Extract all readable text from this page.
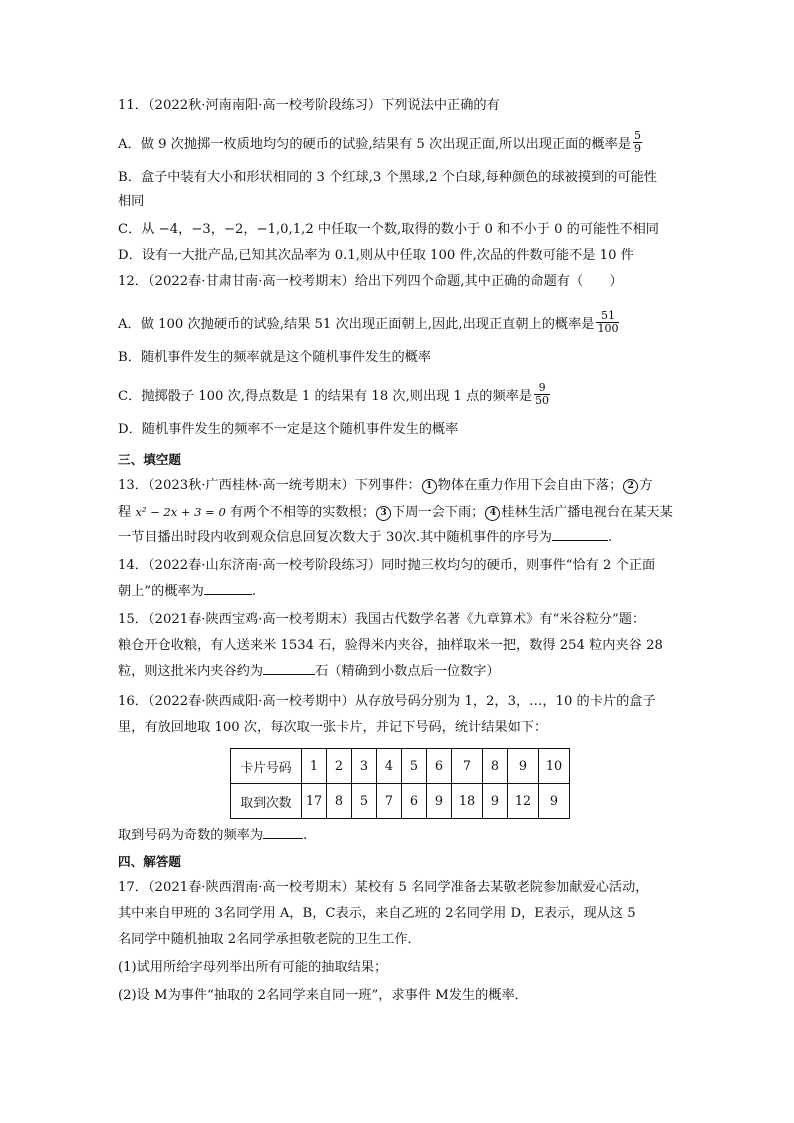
11．（2022秋·河南南阳·高一校考阶段练习）下列说法中正确的有
A．做 9 次抛掷一枚质地均匀的硬币的试验,结果有 5 次出现正面,所以出现正面的概率是 $\frac{5}{9}$
B．盒子中装有大小和形状相同的 3 个红球,3 个黑球,2 个白球,每种颜色的球被摸到的可能性
相同
C．从 −4，−3，−2，−1,0,1,2 中任取一个数,取得的数小于 0 和不小于 0 的可能性不相同
D．设有一大批产品,已知其次品率为 0.1,则从中任取 100 件,次品的件数可能不是 10 件
12．（2022春·甘肃甘南·高一校考期末）给出下列四个命题,其中正确的命题有（　　）
A．做 100 次抛硬币的试验,结果 51 次出现正面朝上,因此,出现正直朝上的概率是 $\frac{51}{100}$
B．随机事件发生的频率就是这个随机事件发生的概率
C．抛掷骰子 100 次,得点数是 1 的结果有 18 次,则出现 1 点的频率是 $\frac{9}{50}$
D．随机事件发生的频率不一定是这个随机事件发生的概率
三、填空题
13．（2023秋·广西桂林·高一统考期末）下列事件： 1 物体在重力作用下会自由下落； 2 方
程 x² − 2x + 3 = 0 有两个不相等的实数根； 3 下周一会下雨； 4 桂林生活广播电视台在某天某
一节目播出时段内收到观众信息回复次数大于 30次.其中随机事件的序号为	.
14．（2022春·山东济南·高一校考阶段练习）同时抛三枚均匀的硬币，则事件“恰有 2 个正面
朝上”的概率为	.
15．（2021春·陕西宝鸡·高一校考期末）我国古代数学名著《九章算术》有“米谷粒分”题：
粮仓开仓收粮，有人送来米 1534 石，验得米内夹谷，抽样取米一把，数得 254 粒内夹谷 28
粒，则这批米内夹谷约为	石（精确到小数点后一位数字）
16．（2022春·陕西咸阳·高一校考期中）从存放号码分别为 1，2，3，…，10 的卡片的盒子
里，有放回地取 100 次，每次取一张卡片，并记下号码，统计结果如下：
卡片号码	1	2	3	4	5	6	7	8	9	10
取到次数	17	8	5	7	6	9	18	9	12	9
取到号码为奇数的频率为	.
四、解答题
17．（2021春·陕西渭南·高一校考期末）某校有 5 名同学准备去某敬老院参加献爱心活动，
其中来自甲班的 3名同学用 A，B，C表示，来自乙班的 2名同学用 D，E表示，现从这 5
名同学中随机抽取 2名同学承担敬老院的卫生工作．
(1)试用所给字母列举出所有可能的抽取结果；
(2)设 M为事件“抽取的 2名同学来自同一班”，求事件 M发生的概率．
